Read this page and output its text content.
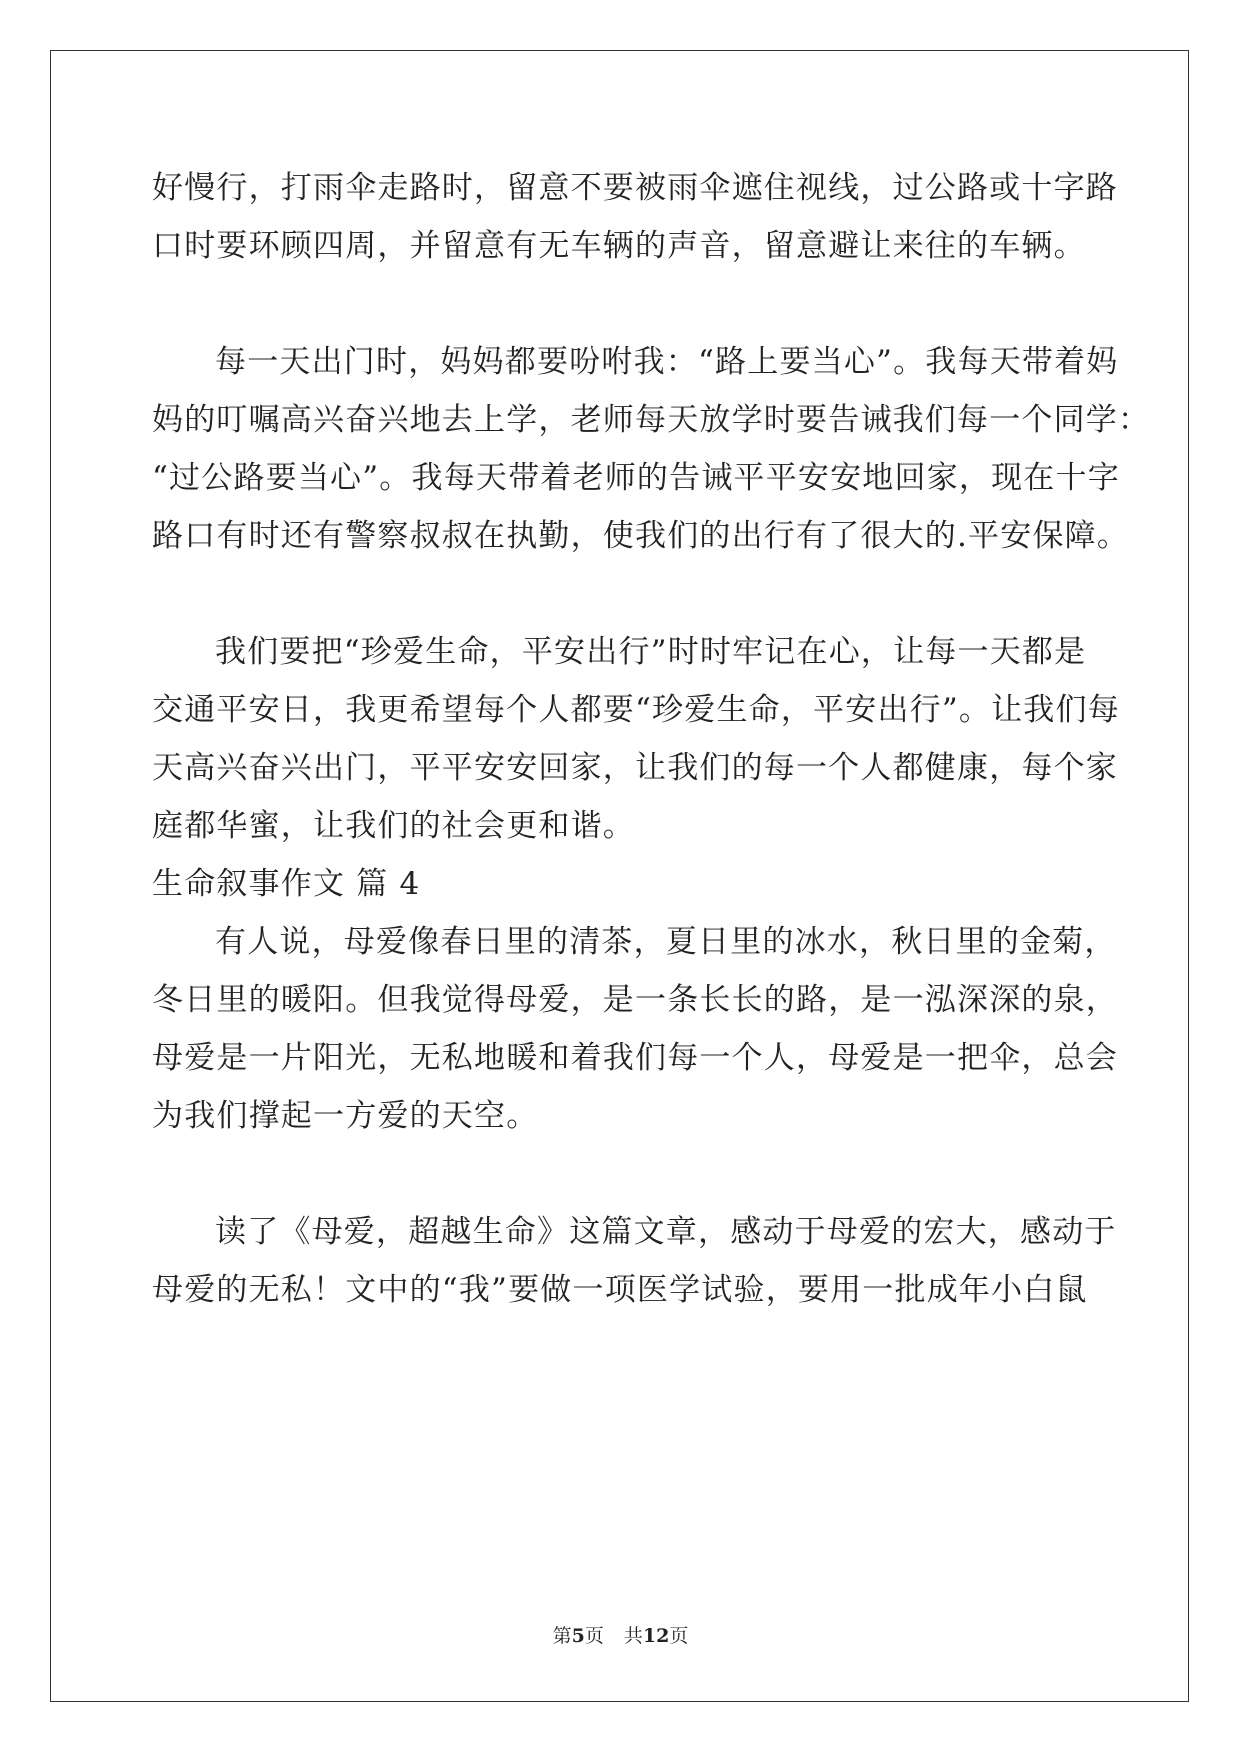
好慢行，打雨伞走路时，留意不要被雨伞遮住视线，过公路或十字路
口时要环顾四周，并留意有无车辆的声音，留意避让来往的车辆。
每一天出门时，妈妈都要吩咐我：“路上要当心”。我每天带着妈
妈的叮嘱高兴奋兴地去上学，老师每天放学时要告诫我们每一个同学：
“过公路要当心”。我每天带着老师的告诫平平安安地回家，现在十字
路口有时还有警察叔叔在执勤，使我们的出行有了很大的.平安保障。
我们要把“珍爱生命，平安出行”时时牢记在心，让每一天都是
交通平安日，我更希望每个人都要“珍爱生命，平安出行”。让我们每
天高兴奋兴出门，平平安安回家，让我们的每一个人都健康，每个家
庭都华蜜，让我们的社会更和谐。
生命叙事作文 篇 4
有人说，母爱像春日里的清茶，夏日里的冰水，秋日里的金菊，
冬日里的暖阳。但我觉得母爱，是一条长长的路，是一泓深深的泉，
母爱是一片阳光，无私地暖和着我们每一个人，母爱是一把伞，总会
为我们撑起一方爱的天空。
读了《母爱，超越生命》这篇文章，感动于母爱的宏大，感动于
母爱的无私！文中的“我”要做一项医学试验，要用一批成年小白鼠
第5页 共12页
